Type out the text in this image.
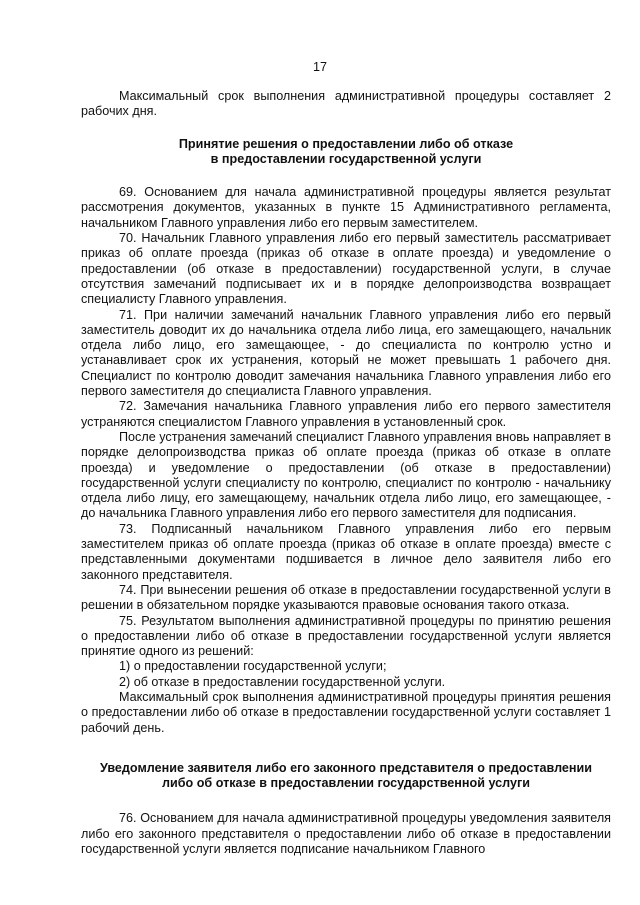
17

Максимальный срок выполнения административной процедуры составляет 2 рабочих дня.

Принятие решения о предоставлении либо об отказе
в предоставлении государственной услуги

69. Основанием для начала административной процедуры является результат рассмотрения документов, указанных в пункте 15 Административного регламента, начальником Главного управления либо его первым заместителем.

70. Начальник Главного управления либо его первый заместитель рассматривает приказ об оплате проезда (приказ об отказе в оплате проезда) и уведомление о предоставлении (об отказе в предоставлении) государственной услуги, в случае отсутствия замечаний подписывает их и в порядке делопроизводства возвращает специалисту Главного управления.

71. При наличии замечаний начальник Главного управления либо его первый заместитель доводит их до начальника отдела либо лица, его замещающего, начальник отдела либо лицо, его замещающее, - до специалиста по контролю устно и устанавливает срок их устранения, который не может превышать 1 рабочего дня. Специалист по контролю доводит замечания начальника Главного управления либо его первого заместителя до специалиста Главного управления.

72. Замечания начальника Главного управления либо его первого заместителя устраняются специалистом Главного управления в установленный срок.

После устранения замечаний специалист Главного управления вновь направляет в порядке делопроизводства приказ об оплате проезда (приказ об отказе в оплате проезда) и уведомление о предоставлении (об отказе в предоставлении) государственной услуги специалисту по контролю, специалист по контролю - начальнику отдела либо лицу, его замещающему, начальник отдела либо лицо, его замещающее, - до начальника Главного управления либо его первого заместителя для подписания.

73. Подписанный начальником Главного управления либо его первым заместителем приказ об оплате проезда (приказ об отказе в оплате проезда) вместе с представленными документами подшивается в личное дело заявителя либо его законного представителя.

74. При вынесении решения об отказе в предоставлении государственной услуги в решении в обязательном порядке указываются правовые основания такого отказа.

75. Результатом выполнения административной процедуры по принятию решения о предоставлении либо об отказе в предоставлении государственной услуги является принятие одного из решений:

1) о предоставлении государственной услуги;

2) об отказе в предоставлении государственной услуги.

Максимальный срок выполнения административной процедуры принятия решения о предоставлении либо об отказе в предоставлении государственной услуги составляет 1 рабочий день.

Уведомление заявителя либо его законного представителя о предоставлении
либо об отказе в предоставлении государственной услуги

76. Основанием для начала административной процедуры уведомления заявителя либо его законного представителя о предоставлении либо об отказе в предоставлении государственной услуги является подписание начальником Главного
